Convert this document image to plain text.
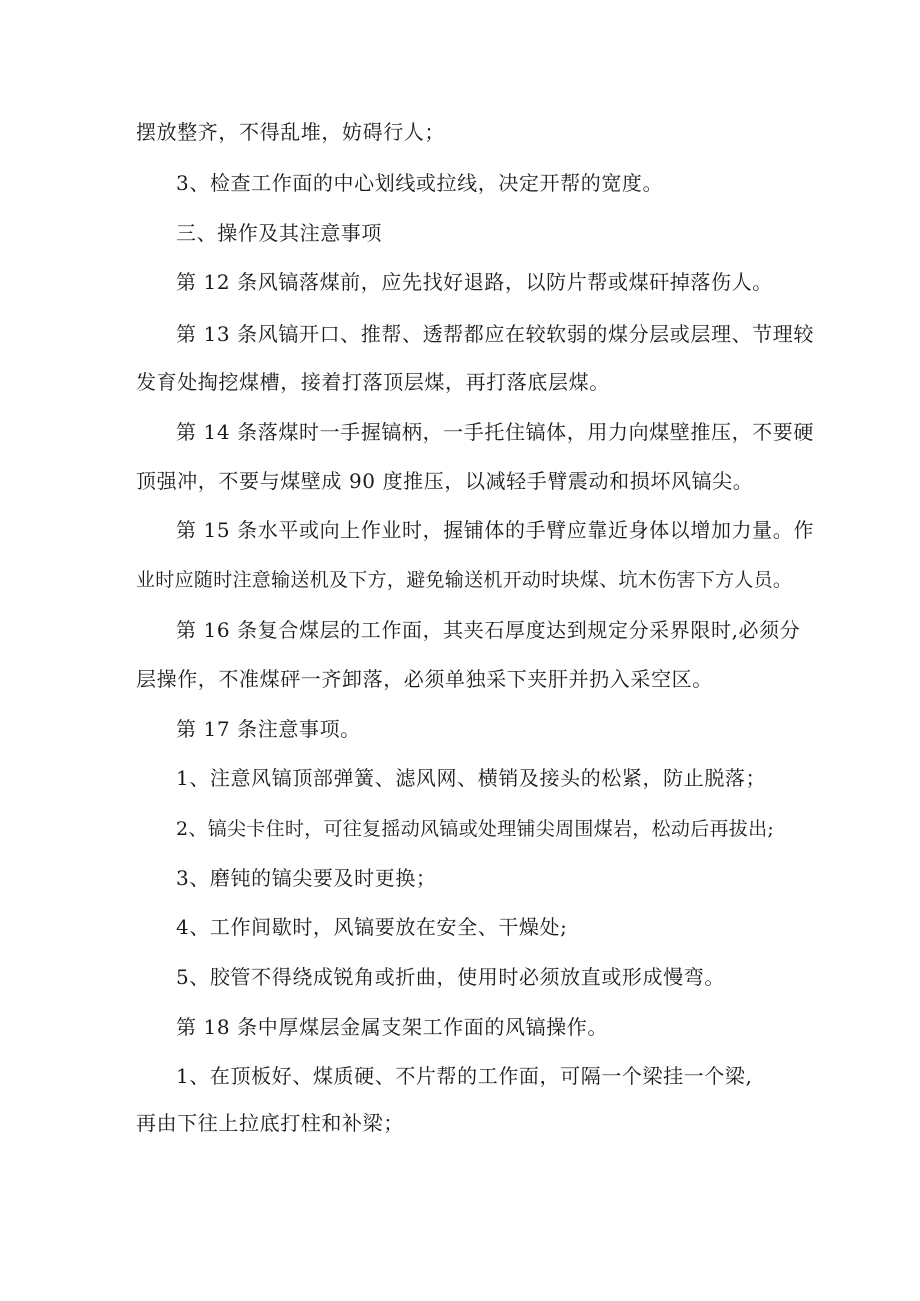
摆放整齐，不得乱堆，妨碍行人；
3、检查工作面的中心划线或拉线，决定开帮的宽度。
三、操作及其注意事项
第 12 条风镐落煤前，应先找好退路，以防片帮或煤矸掉落伤人。
第 13 条风镐开口、推帮、透帮都应在较软弱的煤分层或层理、节理较
发育处掏挖煤槽，接着打落顶层煤，再打落底层煤。
第 14 条落煤时一手握镐柄，一手托住镐体，用力向煤壁推压，不要硬
顶强冲，不要与煤壁成 90 度推压，以减轻手臂震动和损坏风镐尖。
第 15 条水平或向上作业时，握铺体的手臂应靠近身体以增加力量。作
业时应随时注意输送机及下方，避免输送机开动时块煤、坑木伤害下方人员。
第 16 条复合煤层的工作面，其夹石厚度达到规定分采界限时,必须分
层操作，不准煤砰一齐卸落，必须单独采下夹肝并扔入采空区。
第 17 条注意事项。
1、注意风镐顶部弹簧、滤风网、横销及接头的松紧，防止脱落；
2、镐尖卡住时，可往复摇动风镐或处理铺尖周围煤岩，松动后再拔出;
3、磨钝的镐尖要及时更换；
4、工作间歇时，风镐要放在安全、干燥处;
5、胶管不得绕成锐角或折曲，使用时必须放直或形成慢弯。
第 18 条中厚煤层金属支架工作面的风镐操作。
1、在顶板好、煤质硬、不片帮的工作面，可隔一个梁挂一个梁,
再由下往上拉底打柱和补梁；
